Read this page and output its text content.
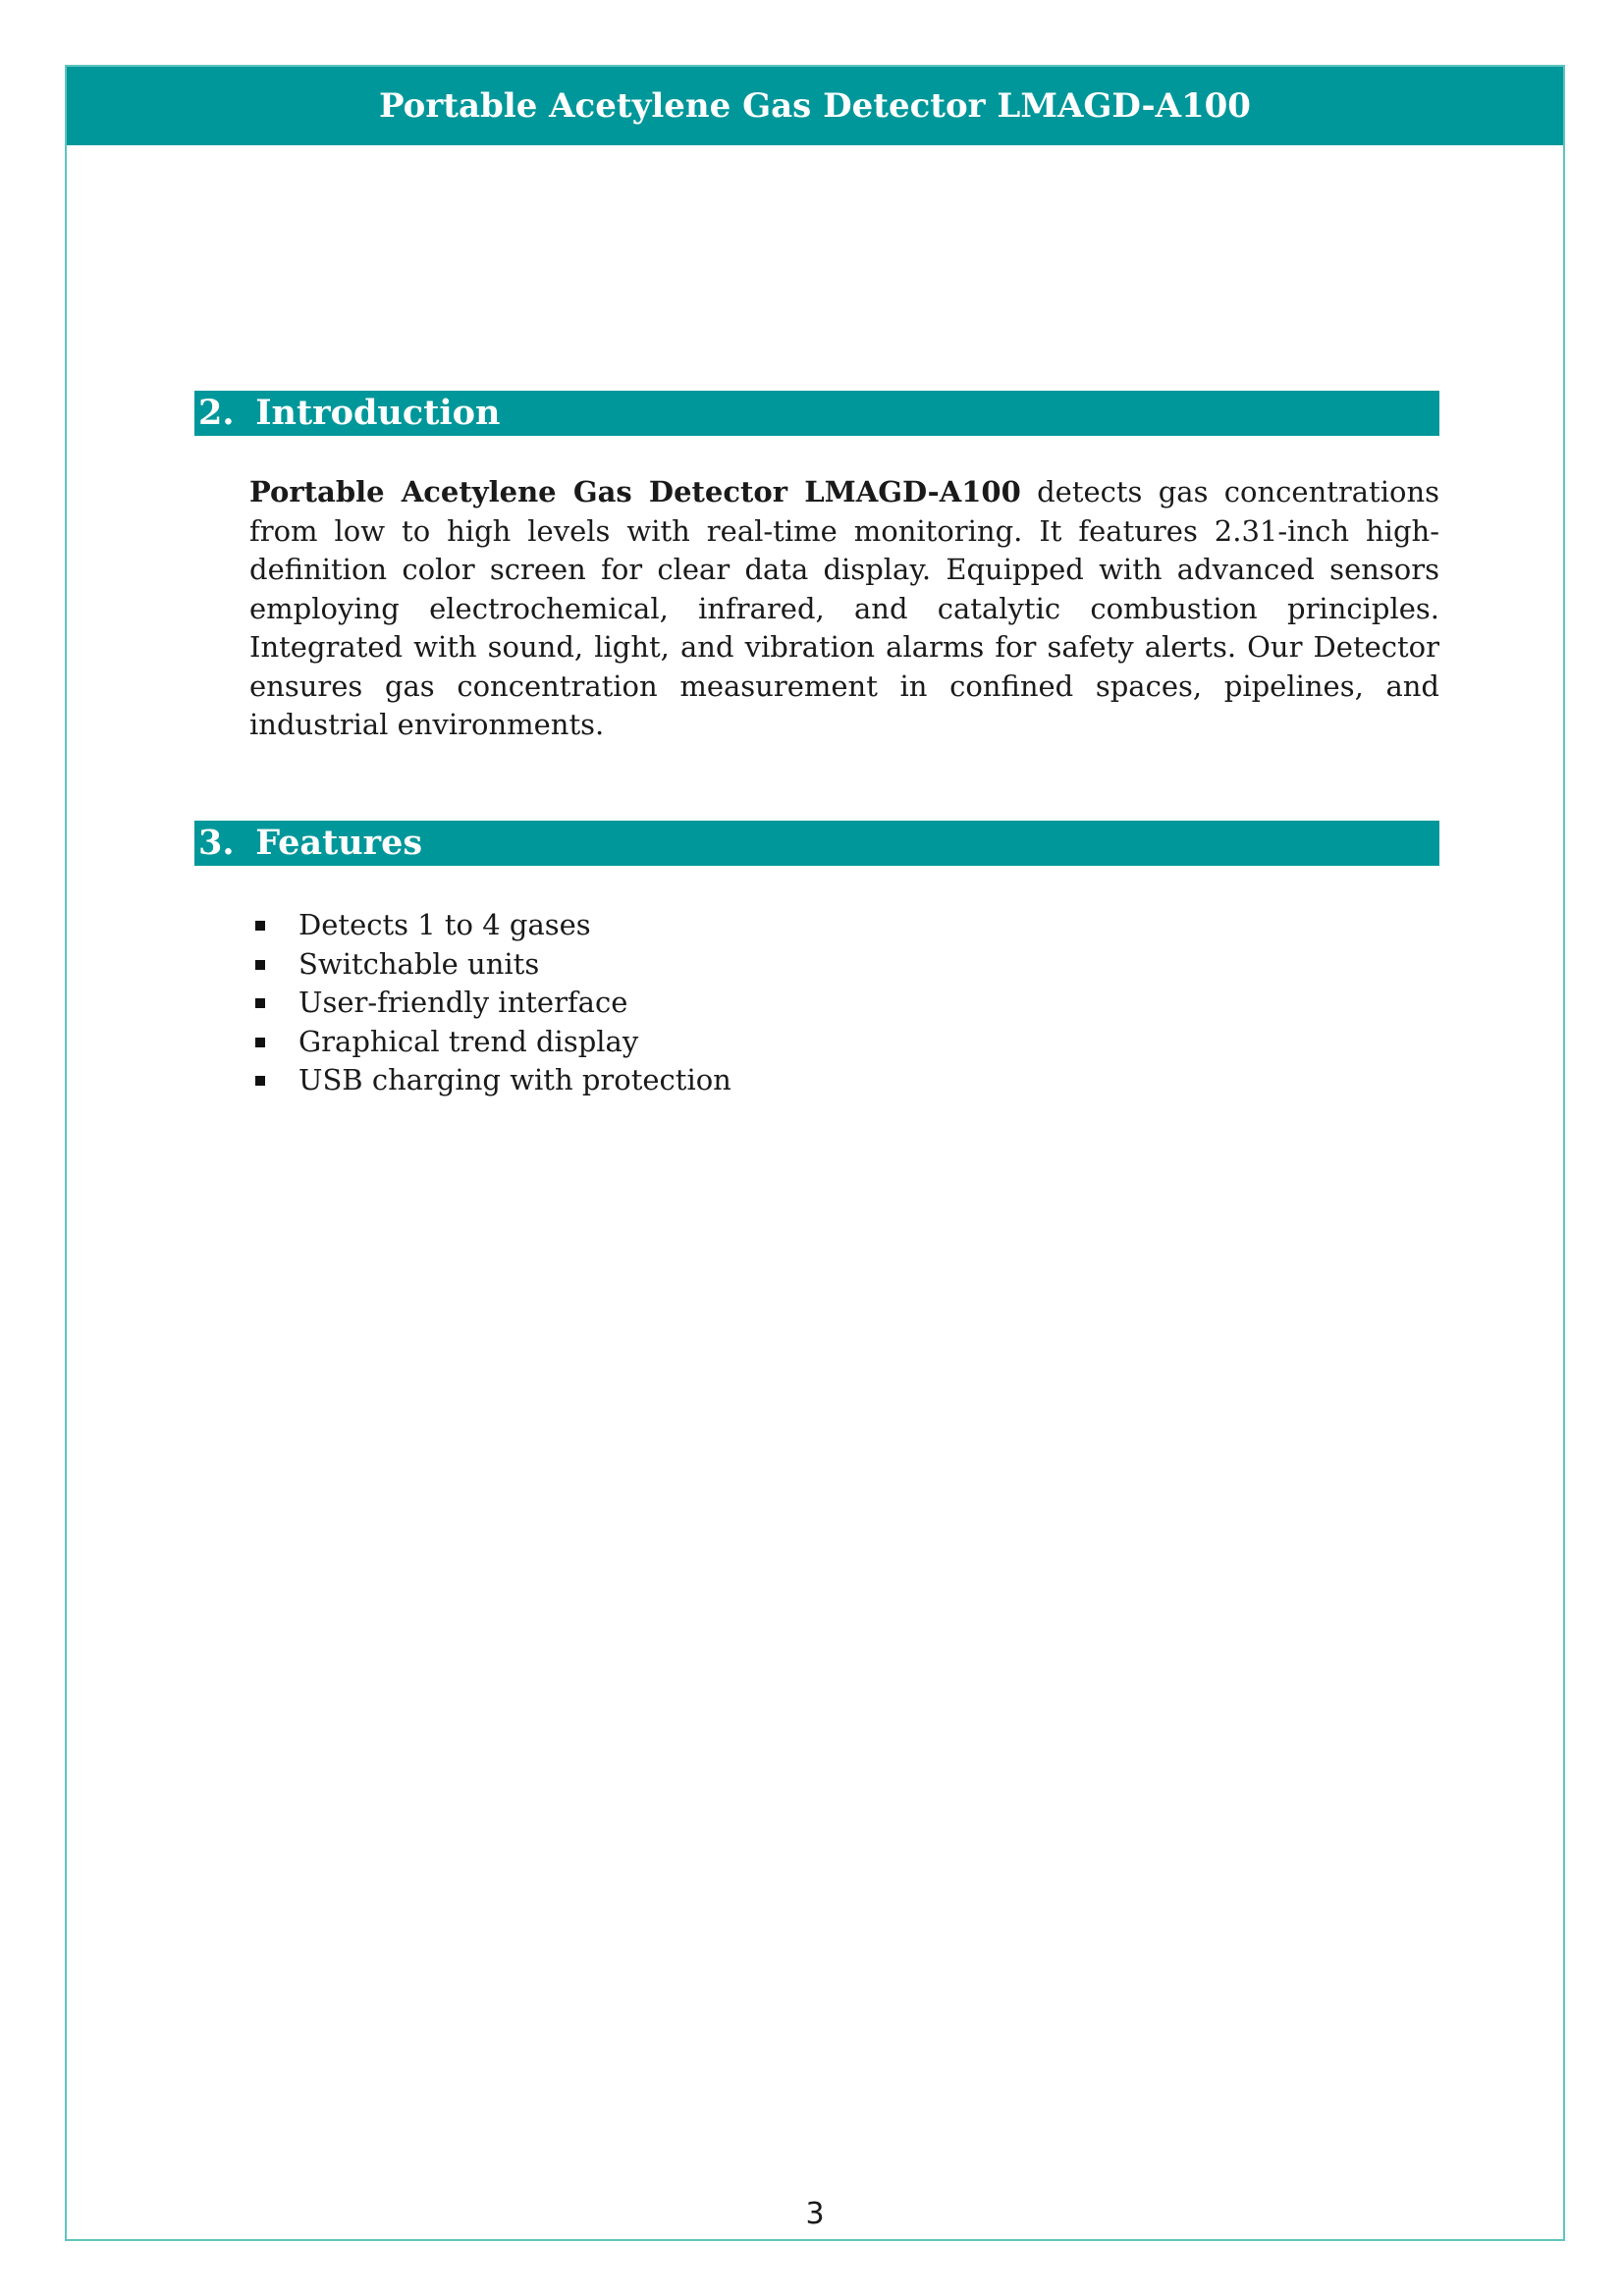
Portable Acetylene Gas Detector LMAGD-A100
2. Introduction

Portable Acetylene Gas Detector LMAGD-A100 detects gas concentrations from low to high levels with real-time monitoring. It features 2.31-inch high-definition color screen for clear data display. Equipped with advanced sensors employing electrochemical, infrared, and catalytic combustion principles. Integrated with sound, light, and vibration alarms for safety alerts. Our Detector ensures gas concentration measurement in confined spaces, pipelines, and industrial environments.

3. Features
Detects 1 to 4 gases
Switchable units
User-friendly interface
Graphical trend display
USB charging with protection
3
